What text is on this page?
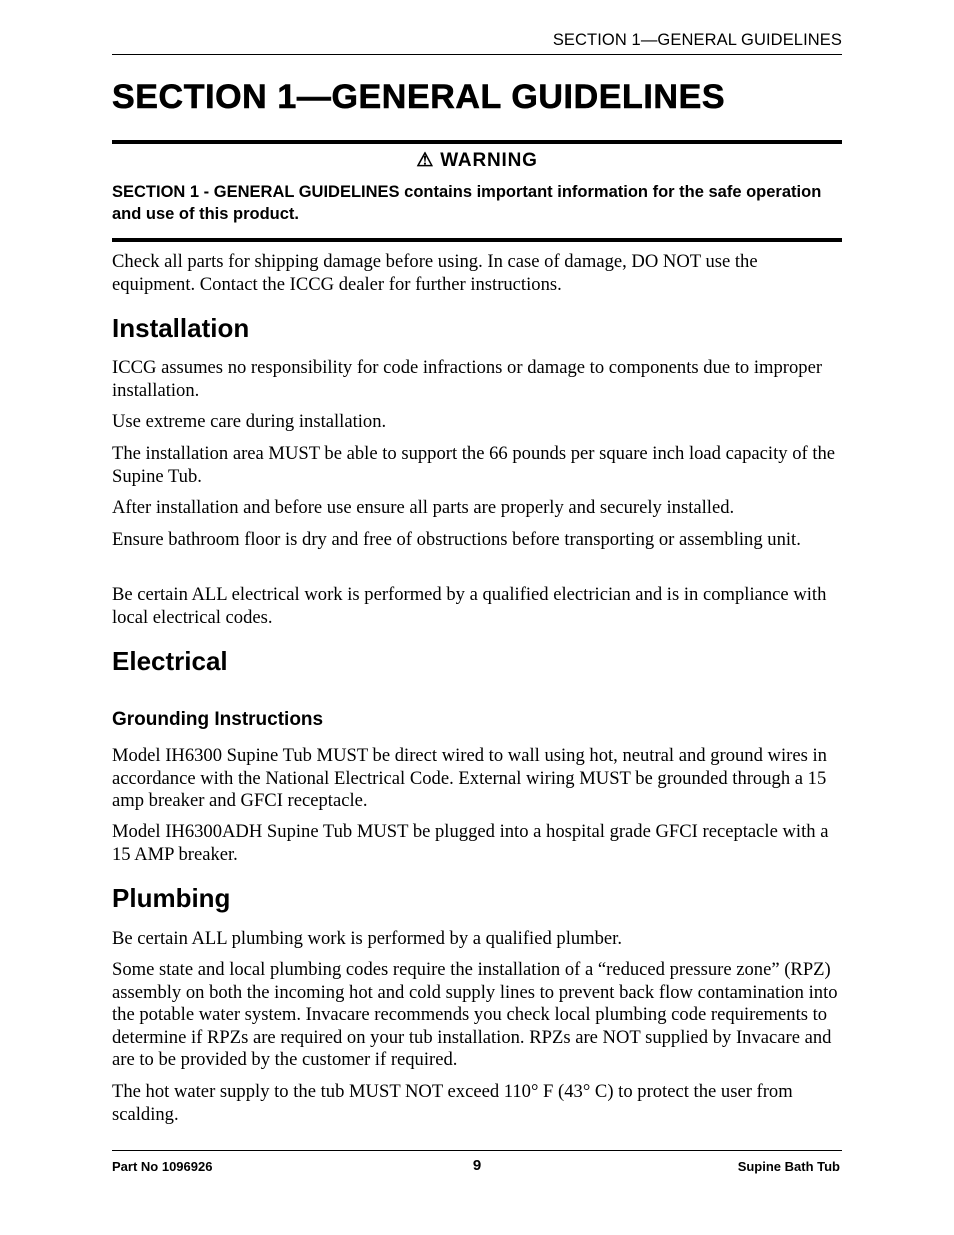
SECTION 1—GENERAL GUIDELINES
SECTION 1—GENERAL GUIDELINES
⚠ WARNING
SECTION 1 - GENERAL GUIDELINES contains important information for the safe operation and use of this product.

Check all parts for shipping damage before using. In case of damage, DO NOT use the equipment. Contact the ICCG dealer for further instructions.

Installation

ICCG assumes no responsibility for code infractions or damage to components due to improper installation.

Use extreme care during installation.

The installation area MUST be able to support the 66 pounds per square inch load capacity of the Supine Tub.

After installation and before use ensure all parts are properly and securely installed.

Ensure bathroom floor is dry and free of obstructions before transporting or assembling unit.

Be certain ALL electrical work is performed by a qualified electrician and is in compliance with local electrical codes.

Electrical
Grounding Instructions

Model IH6300 Supine Tub MUST be direct wired to wall using hot, neutral and ground wires in accordance with the National Electrical Code. External wiring MUST be grounded through a 15 amp breaker and GFCI receptacle.

Model IH6300ADH Supine Tub MUST be plugged into a hospital grade GFCI receptacle with a 15 AMP breaker.

Plumbing

Be certain ALL plumbing work is performed by a qualified plumber.

Some state and local plumbing codes require the installation of a “reduced pressure zone” (RPZ) assembly on both the incoming hot and cold supply lines to prevent back flow contamination into the potable water system. Invacare recommends you check local plumbing code requirements to determine if RPZs are required on your tub installation. RPZs are NOT supplied by Invacare and are to be provided by the customer if required.

The hot water supply to the tub MUST NOT exceed 110° F (43° C) to protect the user from scalding.

Part No 1096926	9	Supine Bath Tub
